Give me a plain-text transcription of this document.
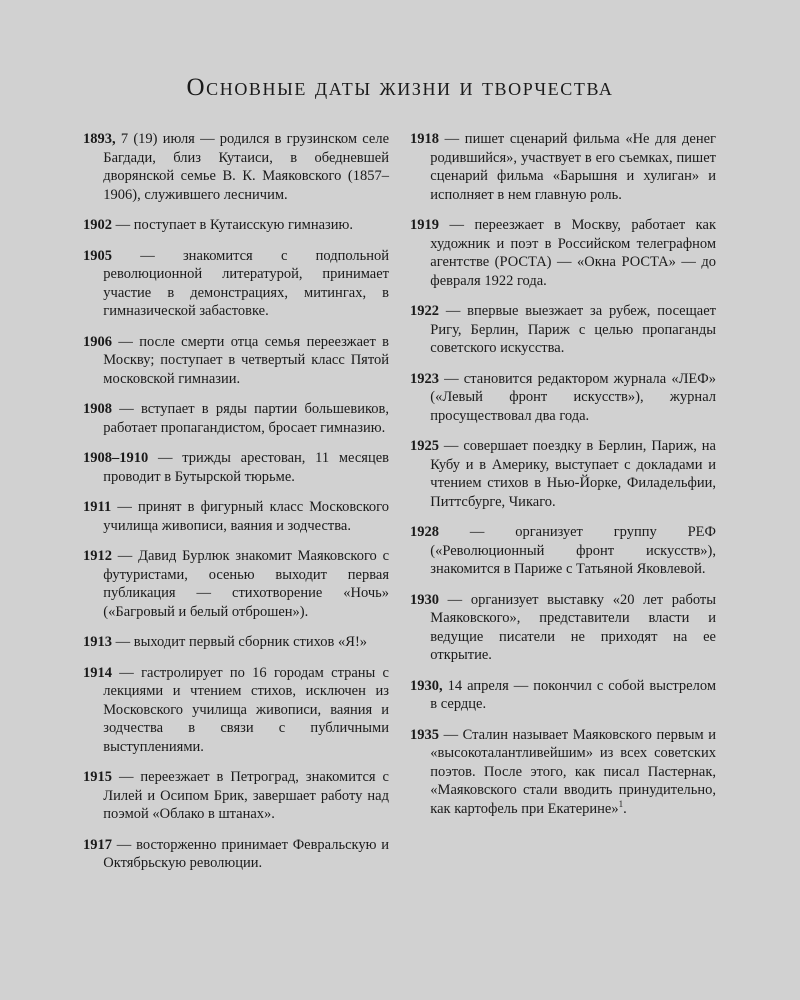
Основные даты жизни и творчества

1893, 7 (19) июля — родился в грузинском селе Багдади, близ Кутаиси, в обедневшей дворянской семье В. К. Маяковского (1857–1906), служившего лесничим.

1902 — поступает в Кутаисскую гимназию.

1905 — знакомится с подпольной революционной литературой, принимает участие в демонстрациях, митингах, в гимназической забастовке.

1906 — после смерти отца семья переезжает в Москву; поступает в четвертый класс Пятой московской гимназии.

1908 — вступает в ряды партии большевиков, работает пропагандистом, бросает гимназию.

1908–1910 — трижды арестован, 11 месяцев проводит в Бутырской тюрьме.

1911 — принят в фигурный класс Московского училища живописи, ваяния и зодчества.

1912 — Давид Бурлюк знакомит Маяковского с футуристами, осенью выходит первая публикация — стихотворение «Ночь» («Багровый и белый отброшен»).

1913 — выходит первый сборник стихов «Я!»

1914 — гастролирует по 16 городам страны с лекциями и чтением стихов, исключен из Московского училища живописи, ваяния и зодчества в связи с публичными выступлениями.

1915 — переезжает в Петроград, знакомится с Лилей и Осипом Брик, завершает работу над поэмой «Облако в штанах».

1917 — восторженно принимает Февральскую и Октябрьскую революции.

1918 — пишет сценарий фильма «Не для денег родившийся», участвует в его съемках, пишет сценарий фильма «Барышня и хулиган» и исполняет в нем главную роль.

1919 — переезжает в Москву, работает как художник и поэт в Российском телеграфном агентстве (РОСТА) — «Окна РОСТА» — до февраля 1922 года.

1922 — впервые выезжает за рубеж, посещает Ригу, Берлин, Париж с целью пропаганды советского искусства.

1923 — становится редактором журнала «ЛЕФ» («Левый фронт искусств»), журнал просуществовал два года.

1925 — совершает поездку в Берлин, Париж, на Кубу и в Америку, выступает с докладами и чтением стихов в Нью-Йорке, Филадельфии, Питтсбурге, Чикаго.

1928 — организует группу РЕФ («Революционный фронт искусств»), знакомится в Париже с Татьяной Яковлевой.

1930 — организует выставку «20 лет работы Маяковского», представители власти и ведущие писатели не приходят на ее открытие.

1930, 14 апреля — покончил с собой выстрелом в сердце.

1935 — Сталин называет Маяковского первым и «высокоталантливейшим» из всех советских поэтов. После этого, как писал Пастернак, «Маяковского стали вводить принудительно, как картофель при Екатерине»$^1$.
